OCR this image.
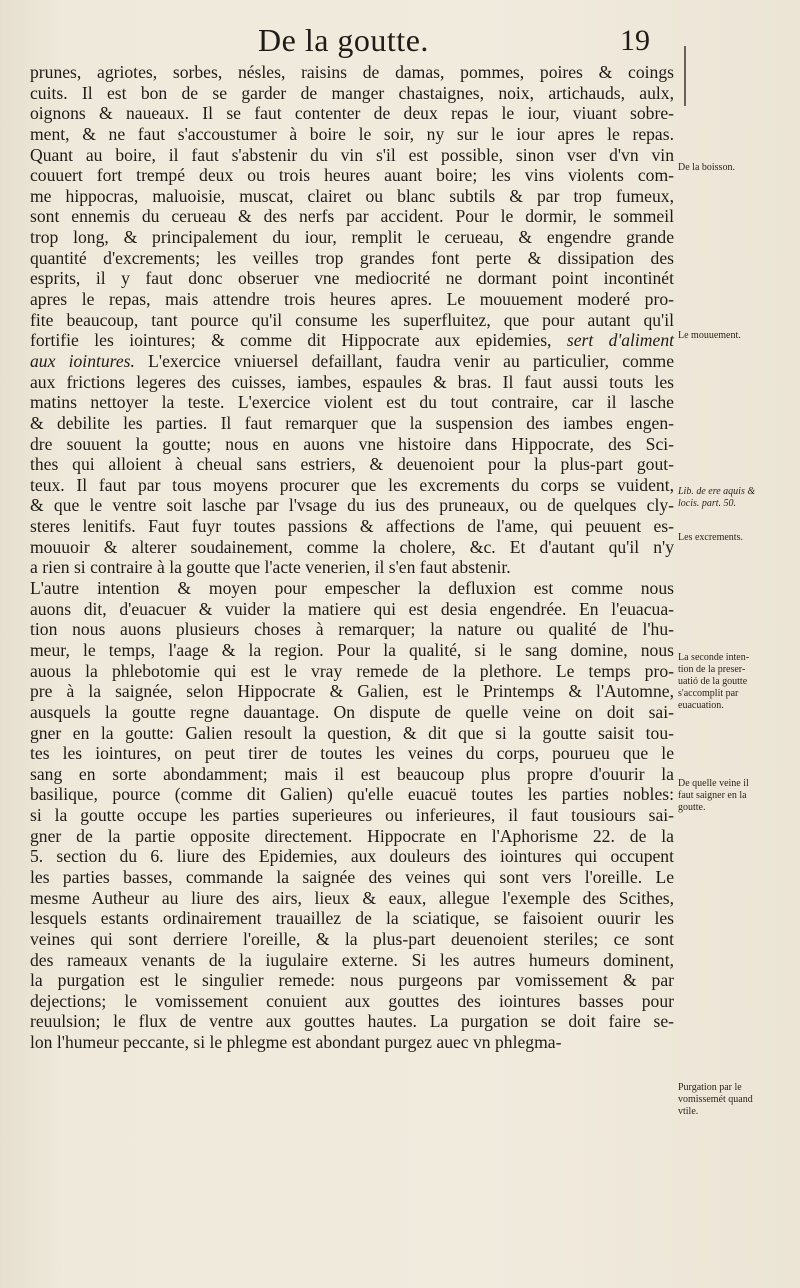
De la goutte.	19
prunes, agriotes, sorbes, nésles, raisins de damas, pommes, poires & coings
cuits. Il est bon de se garder de manger chastaignes, noix, artichauds, aulx,
oignons & naueaux. Il se faut contenter de deux repas le iour, viuant sobre-
ment, & ne faut s'accoustumer à boire le soir, ny sur le iour apres le repas.
Quant au boire, il faut s'abstenir du vin s'il est possible, sinon vser d'vn vin
couuert fort trempé deux ou trois heures auant boire; les vins violents com-
me hippocras, maluoisie, muscat, clairet ou blanc subtils & par trop fumeux,
sont ennemis du cerueau & des nerfs par accident. Pour le dormir, le sommeil
trop long, & principalement du iour, remplit le cerueau, & engendre grande
quantité d'excrements; les veilles trop grandes font perte & dissipation des
esprits, il y faut donc obseruer vne mediocrité ne dormant point incontinét
apres le repas, mais attendre trois heures apres. Le mouuement moderé pro-
fite beaucoup, tant pource qu'il consume les superfluitez, que pour autant qu'il
fortifie les iointures; & comme dit Hippocrate aux epidemies, sert d'aliment
aux iointures. L'exercice vniuersel defaillant, faudra venir au particulier, comme
aux frictions legeres des cuisses, iambes, espaules & bras. Il faut aussi touts les
matins nettoyer la teste. L'exercice violent est du tout contraire, car il lasche
& debilite les parties. Il faut remarquer que la suspension des iambes engen-
dre souuent la goutte; nous en auons vne histoire dans Hippocrate, des Sci-
thes qui alloient à cheual sans estriers, & deuenoient pour la plus-part gout-
teux. Il faut par tous moyens procurer que les excrements du corps se vuident,
& que le ventre soit lasche par l'vsage du ius des pruneaux, ou de quelques cly-
steres lenitifs. Faut fuyr toutes passions & affections de l'ame, qui peuuent es-
mouuoir & alterer soudainement, comme la cholere, &c. Et d'autant qu'il n'y
a rien si contraire à la goutte que l'acte venerien, il s'en faut abstenir.
L'autre intention & moyen pour empescher la defluxion est comme nous
auons dit, d'euacuer & vuider la matiere qui est desia engendrée. En l'euacua-
tion nous auons plusieurs choses à remarquer; la nature ou qualité de l'hu-
meur, le temps, l'aage & la region. Pour la qualité, si le sang domine, nous
auous la phlebotomie qui est le vray remede de la plethore. Le temps pro-
pre à la saignée, selon Hippocrate & Galien, est le Printemps & l'Automne,
ausquels la goutte regne dauantage. On dispute de quelle veine on doit sai-
gner en la goutte: Galien resoult la question, & dit que si la goutte saisit tou-
tes les iointures, on peut tirer de toutes les veines du corps, pourueu que le
sang en sorte abondamment; mais il est beaucoup plus propre d'ouurir la
basilique, pource (comme dit Galien) qu'elle euacuë toutes les parties nobles:
si la goutte occupe les parties superieures ou inferieures, il faut tousiours sai-
gner de la partie opposite directement. Hippocrate en l'Aphorisme 22. de la
5. section du 6. liure des Epidemies, aux douleurs des iointures qui occupent
les parties basses, commande la saignée des veines qui sont vers l'oreille. Le
mesme Autheur au liure des airs, lieux & eaux, allegue l'exemple des Scithes,
lesquels estants ordinairement trauaillez de la sciatique, se faisoient ouurir les
veines qui sont derriere l'oreille, & la plus-part deuenoient steriles; ce sont
des rameaux venants de la iugulaire externe. Si les autres humeurs dominent,
la purgation est le singulier remede: nous purgeons par vomissement & par
dejections; le vomissement conuient aux gouttes des iointures basses pour
reuulsion; le flux de ventre aux gouttes hautes. La purgation se doit faire se-
lon l'humeur peccante, si le phlegme est abondant purgez auec vn phlegma-
De la boisson.
Le mouuement.
Lib. de ere aquis &
locis. part. 50.
Les excrements.
La seconde inten-
tion de la preser-
uatió de la goutte
s'accomplit par
euacuation.
De quelle veine il
faut saigner en la
goutte.
Purgation par le
vomissemét quand
vtile.
